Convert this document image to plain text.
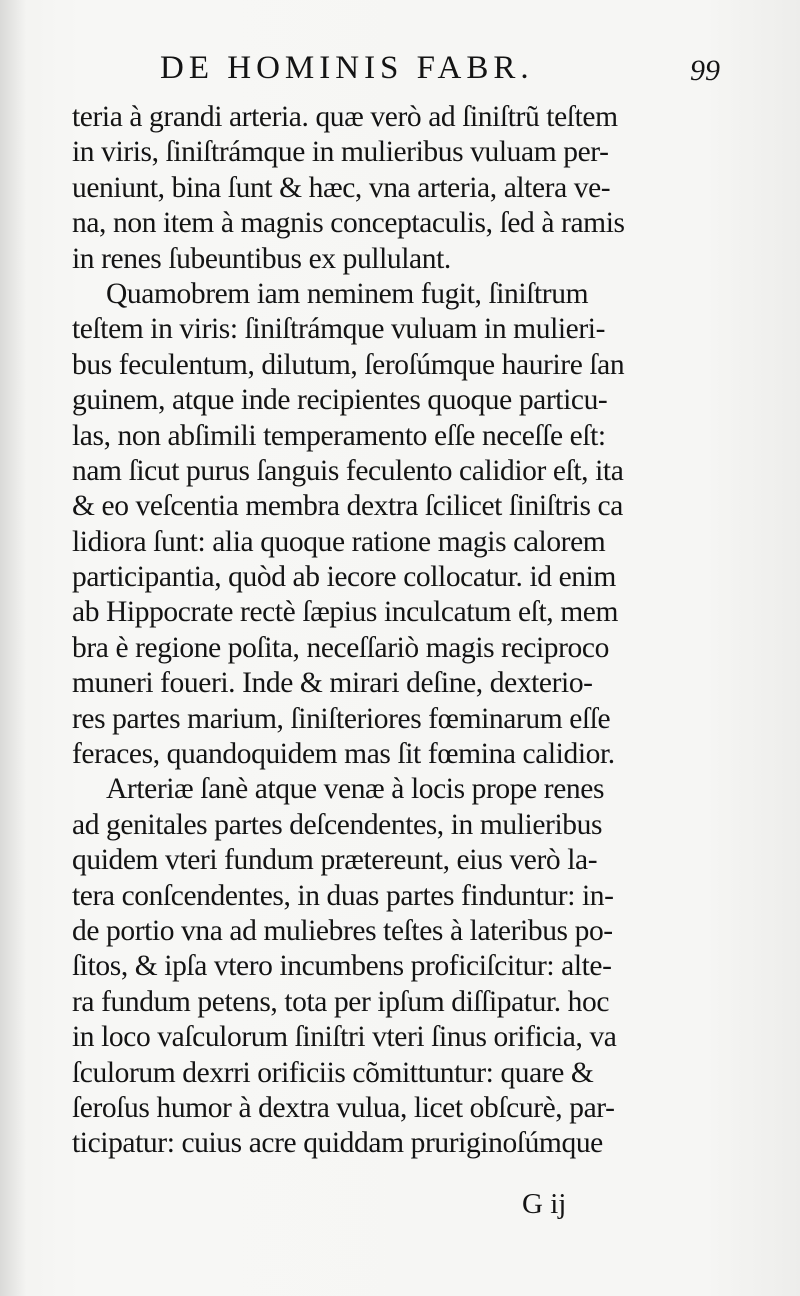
DE HOMINIS FABR.	99
teria à grandi arteria. quæ verò ad ſiniſtrũ teſtem
in viris, ſiniſtrámque in mulieribus vuluam per-
ueniunt, bina ſunt & hæc, vna arteria, altera ve-
na, non item à magnis conceptaculis, ſed à ramis
in renes ſubeuntibus ex pullulant.
Quamobrem iam neminem fugit, ſiniſtrum
teſtem in viris: ſiniſtrámque vuluam in mulieri-
bus feculentum, dilutum, ſeroſúmque haurire ſan
guinem, atque inde recipientes quoque particu-
las, non abſimili temperamento eſſe neceſſe eſt:
nam ſicut purus ſanguis feculento calidior eſt, ita
& eo veſcentia membra dextra ſcilicet ſiniſtris ca
lidiora ſunt: alia quoque ratione magis calorem
participantia, quòd ab iecore collocatur. id enim
ab Hippocrate rectè ſæpius inculcatum eſt, mem
bra è regione poſita, neceſſariò magis reciproco
muneri foueri. Inde & mirari deſine, dexterio-
res partes marium, ſiniſteriores fœminarum eſſe
feraces, quandoquidem mas ſit fœmina calidior.
Arteriæ ſanè atque venæ à locis prope renes
ad genitales partes deſcendentes, in mulieribus
quidem vteri fundum prætereunt, eius verò la-
tera conſcendentes, in duas partes finduntur: in-
de portio vna ad muliebres teſtes à lateribus po-
ſitos, & ipſa vtero incumbens proficiſcitur: alte-
ra fundum petens, tota per ipſum diſſipatur. hoc
in loco vaſculorum ſiniſtri vteri ſinus orificia, va
ſculorum dexrri orificiis cõmittuntur: quare &
ſeroſus humor à dextra vulua, licet obſcurè, par-
ticipatur: cuius acre quiddam pruriginoſúmque
G ij
